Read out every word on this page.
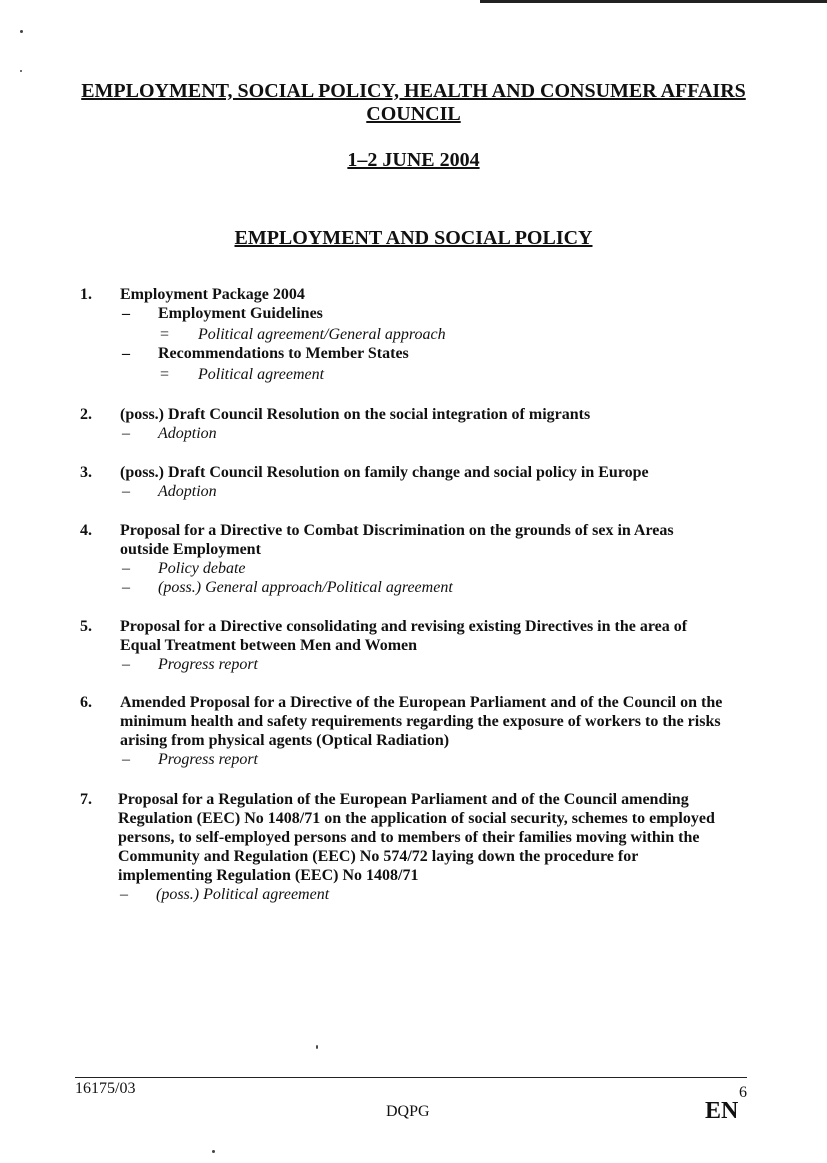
EMPLOYMENT, SOCIAL POLICY, HEALTH AND CONSUMER AFFAIRS
COUNCIL
1–2 JUNE 2004
EMPLOYMENT AND SOCIAL POLICY
1. Employment Package 2004
– Employment Guidelines
= Political agreement/General approach
– Recommendations to Member States
= Political agreement
2. (poss.) Draft Council Resolution on the social integration of migrants
– Adoption
3. (poss.) Draft Council Resolution on family change and social policy in Europe
– Adoption
4. Proposal for a Directive to Combat Discrimination on the grounds of sex in Areas
outside Employment
– Policy debate
– (poss.) General approach/Political agreement
5. Proposal for a Directive consolidating and revising existing Directives in the area of
Equal Treatment between Men and Women
– Progress report
6. Amended Proposal for a Directive of the European Parliament and of the Council on the
minimum health and safety requirements regarding the exposure of workers to the risks
arising from physical agents (Optical Radiation)
– Progress report
7. Proposal for a Regulation of the European Parliament and of the Council amending
Regulation (EEC) No 1408/71 on the application of social security, schemes to employed
persons, to self-employed persons and to members of their families moving within the
Community and Regulation (EEC) No 574/72 laying down the procedure for
implementing Regulation (EEC) No 1408/71
– (poss.) Political agreement
16175/03	6
DQPG	EN
